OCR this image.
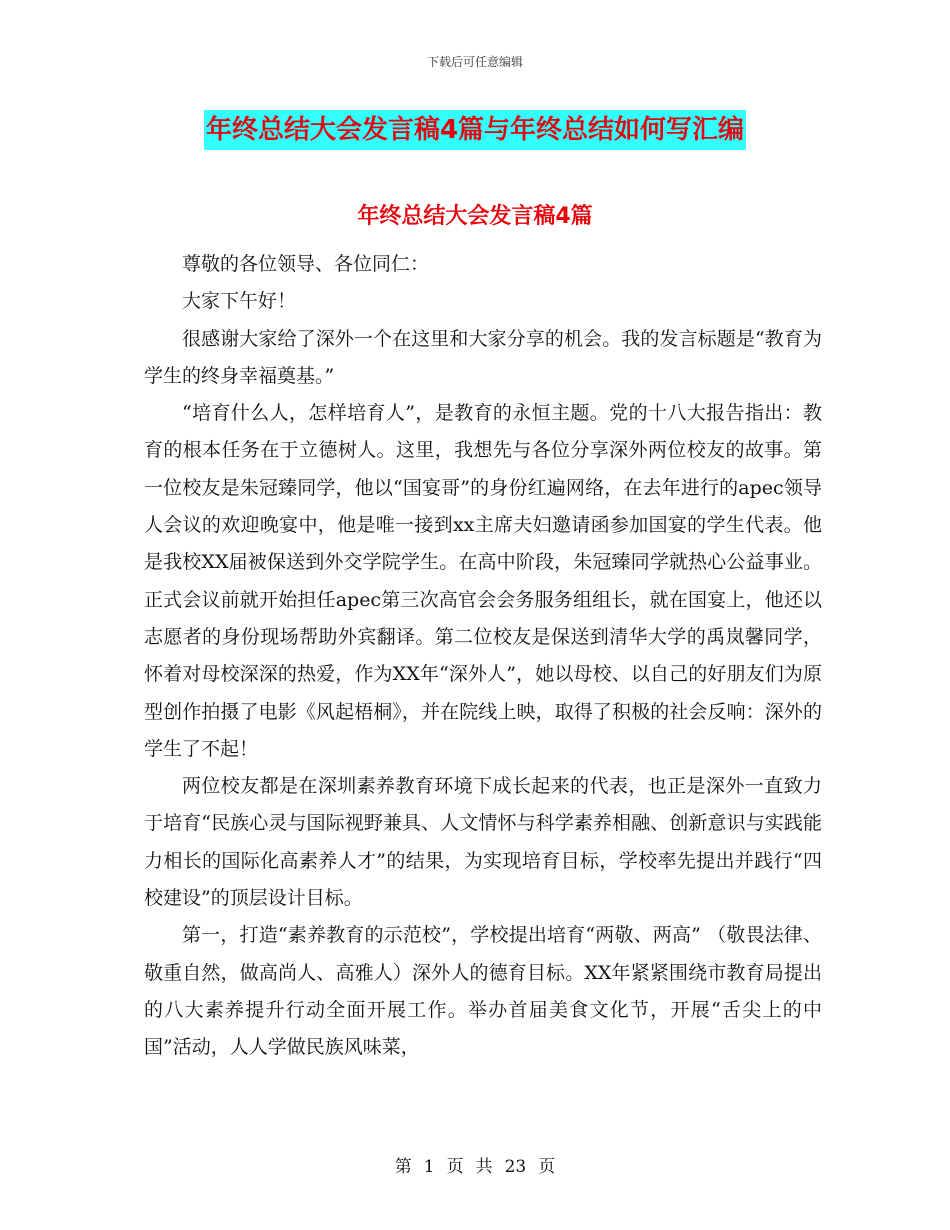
下载后可任意编辑
年终总结大会发言稿4篇与年终总结如何写汇编
年终总结大会发言稿4篇

尊敬的各位领导、各位同仁：

大家下午好！

很感谢大家给了深外一个在这里和大家分享的机会。我的发言标题是“教育为学生的终身幸福奠基。”

“培育什么人，怎样培育人”，是教育的永恒主题。党的十八大报告指出：教育的根本任务在于立德树人。这里，我想先与各位分享深外两位校友的故事。第一位校友是朱冠臻同学，他以“国宴哥”的身份红遍网络，在去年进行的apec领导人会议的欢迎晚宴中，他是唯一接到xx主席夫妇邀请函参加国宴的学生代表。他是我校XX届被保送到外交学院学生。在高中阶段，朱冠臻同学就热心公益事业。正式会议前就开始担任apec第三次高官会会务服务组组长，就在国宴上，他还以志愿者的身份现场帮助外宾翻译。第二位校友是保送到清华大学的禹岚馨同学，怀着对母校深深的热爱，作为XX年“深外人”，她以母校、以自己的好朋友们为原型创作拍摄了电影《风起梧桐》，并在院线上映，取得了积极的社会反响：深外的学生了不起！

两位校友都是在深圳素养教育环境下成长起来的代表，也正是深外一直致力于培育“民族心灵与国际视野兼具、人文情怀与科学素养相融、创新意识与实践能力相长的国际化高素养人才”的结果，为实现培育目标，学校率先提出并践行“四校建设”的顶层设计目标。

第一，打造“素养教育的示范校”，学校提出培育“两敬、两高” （敬畏法律、敬重自然，做高尚人、高雅人）深外人的德育目标。XX年紧紧围绕市教育局提出的八大素养提升行动全面开展工作。举办首届美食文化节，开展“舌尖上的中国”活动，人人学做民族风味菜，

第 1 页 共 23 页
